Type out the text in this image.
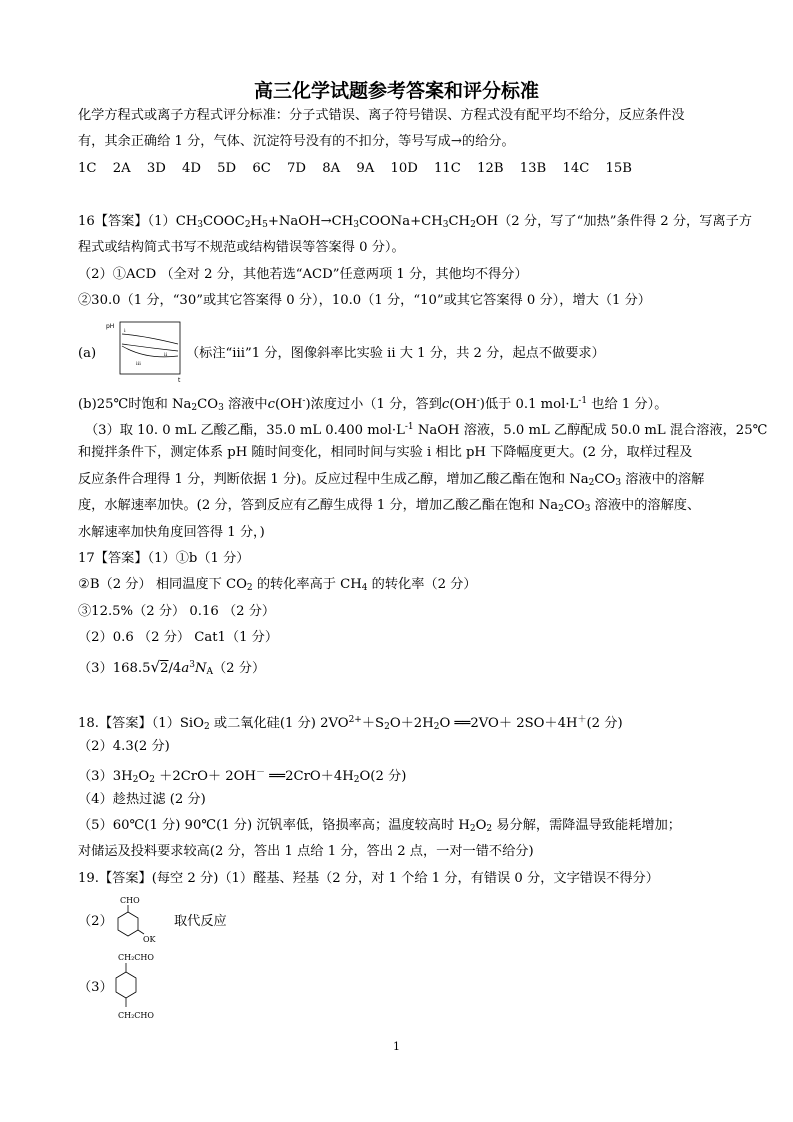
高三化学试题参考答案和评分标准
化学方程式或离子方程式评分标准：分子式错误、离子符号错误、方程式没有配平均不给分，反应条件没
有，其余正确给 1 分，气体、沉淀符号没有的不扣分，等号写成→的给分。
1C 2A 3D 4D 5D 6C 7D 8A 9A 10D 11C 12B 13B 14C 15B
16【答案】$(1)CH_3COOC_2H_5+NaOH\to CH_3COONa+CH_3CH_2OH(2$ 分，写了“加热”条件得 2 分，写离子方
程式或结构简式书写不规范或结构错误等答案得 0 分）。
（2）①ACD （全对 2 分，其他若选“ACD”任意两项 1 分，其他均不得分）
②30.0（1 分，“30”或其它答案得 0 分），10.0（1 分，“10”或其它答案得 0 分），增大（1 分）
(a)
pH
t
i
ii
iii
（标注“iii”1 分，图像斜率比实验 ii 大 1 分，共 2 分，起点不做要求）
(b)25℃时饱和 $Na_2CO_3$ 溶液中c(OH-)浓度过小（1 分，答到c(OH-)低于 0.1 $mol\cdot L^{-1}$ 也给 1 分）。
（3）取 10. 0 mL 乙酸乙酯，35.0 mL 0.400 $mol\cdot L^{-1}$ NaOH 溶液，5.0 mL 乙醇配成 50.0 mL 混合溶液，25℃
和搅拌条件下，测定体系 pH 随时间变化，相同时间与实验 i 相比 pH 下降幅度更大。(2 分，取样过程及
反应条件合理得 1 分，判断依据 1 分)。反应过程中生成乙醇，增加乙酸乙酯在饱和 $Na_2CO_3$ 溶液中的溶解
度，水解速率加快。(2 分，答到反应有乙醇生成得 1 分，增加乙酸乙酯在饱和 $Na_2CO_3$ 溶液中的溶解度、
水解速率加快角度回答得 1 分，)
17【答案】（1）①b（1 分）
②B（2 分） 相同温度下 $CO_2$ 的转化率高于 $CH_4$ 的转化率（2 分）
③12.5%（2 分） 0.16 （2 分）
（2）0.6 （2 分） Cat1（1 分）
$(3)168.5√2/4a^3N_A(2$ 分）
18.【答案】（1）SiO$_2$ 或二氧化硅(1 分) $2VO^{2+}+S_2O+2H_2O$ ══2VO＋ 2SO＋4H＋(2 分)
（2）4.3(2 分)
$(3)3H_2O_2 +2CrO+ 2OH^-$ $══2CrO+4H_2O(2$ 分)
（4）趁热过滤 (2 分)
（5）60℃(1 分) 90℃(1 分) 沉钒率低，铬损率高；温度较高时 $H_2O_2$ 易分解，需降温导致能耗增加；
对储运及投料要求较高(2 分，答出 1 点给 1 分，答出 2 点，一对一错不给分)
19.【答案】(每空 2 分)（1）醛基、羟基（2 分，对 1 个给 1 分，有错误 0 分，文字错误不得分）
（2）
CHO
OK
取代反应
（3）
CH₂CHO
CH₂CHO
1
